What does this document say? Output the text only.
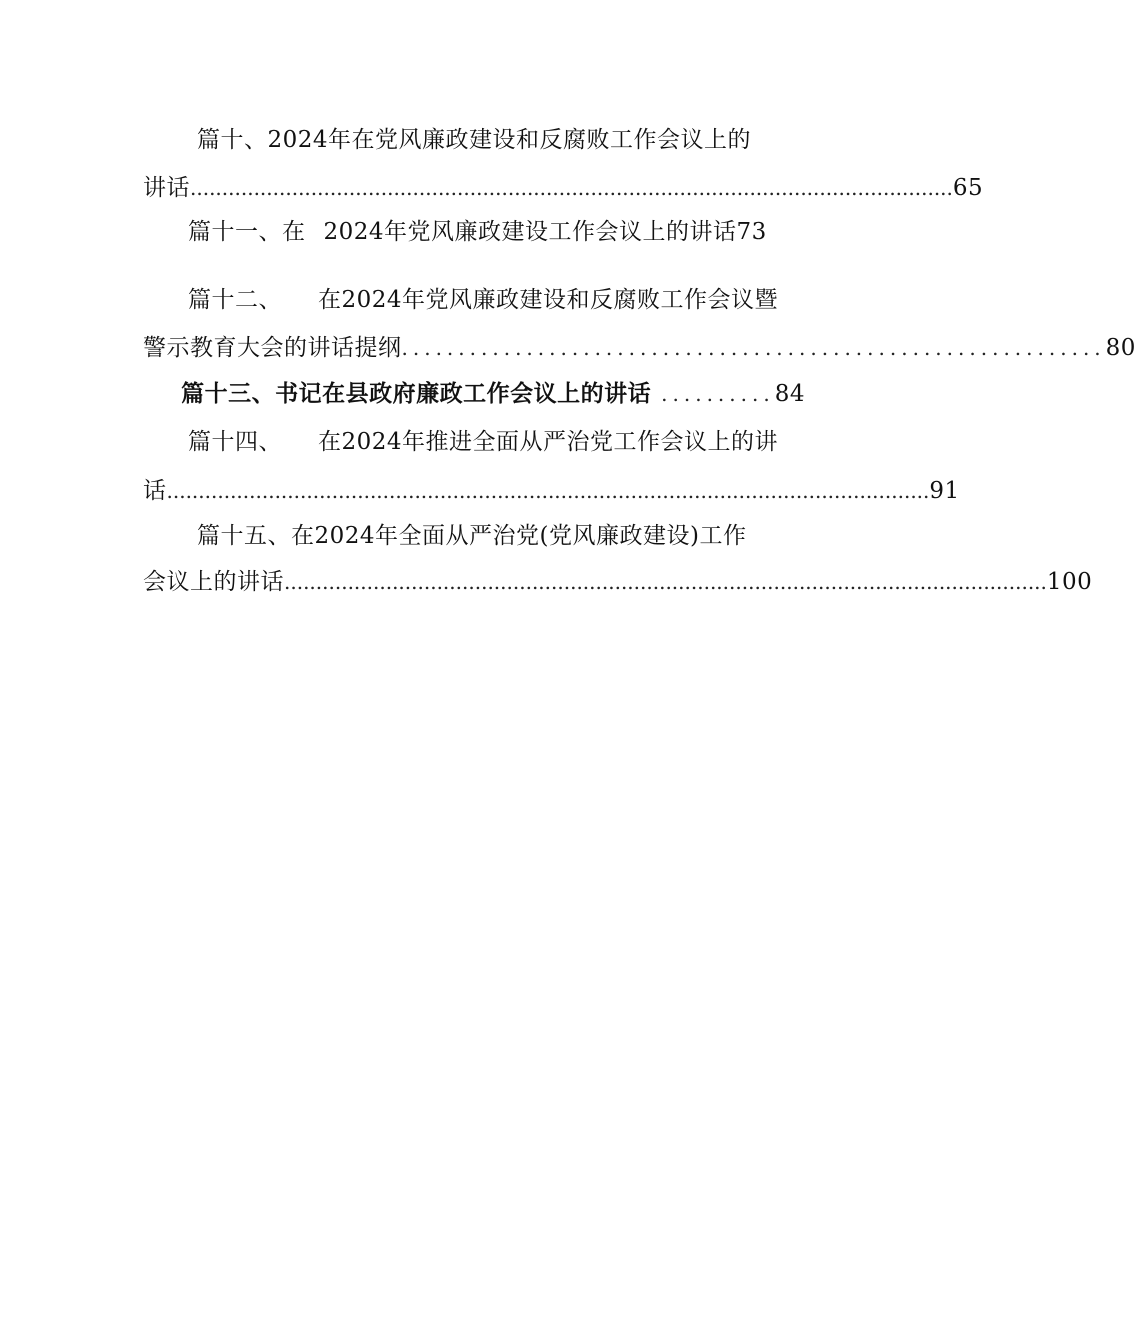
篇十、2024年在党风廉政建设和反腐败工作会议上的
讲话 ........................................................................................................................ 65
篇十一、在 2024年党风廉政建设工作会议上的讲话 73
篇十二、 在2024年党风廉政建设和反腐败工作会议暨
警示教育大会的讲话提纲 .............................................................. 80
篇十三、书记在县政府廉政工作会议上的讲话 .......... 84
篇十四、 在2024年推进全面从严治党工作会议上的讲
话 ........................................................................................................................ 91
篇十五、在2024年全面从严治党(党风廉政建设)工作
会议上的讲话 ........................................................................................................................ 100
